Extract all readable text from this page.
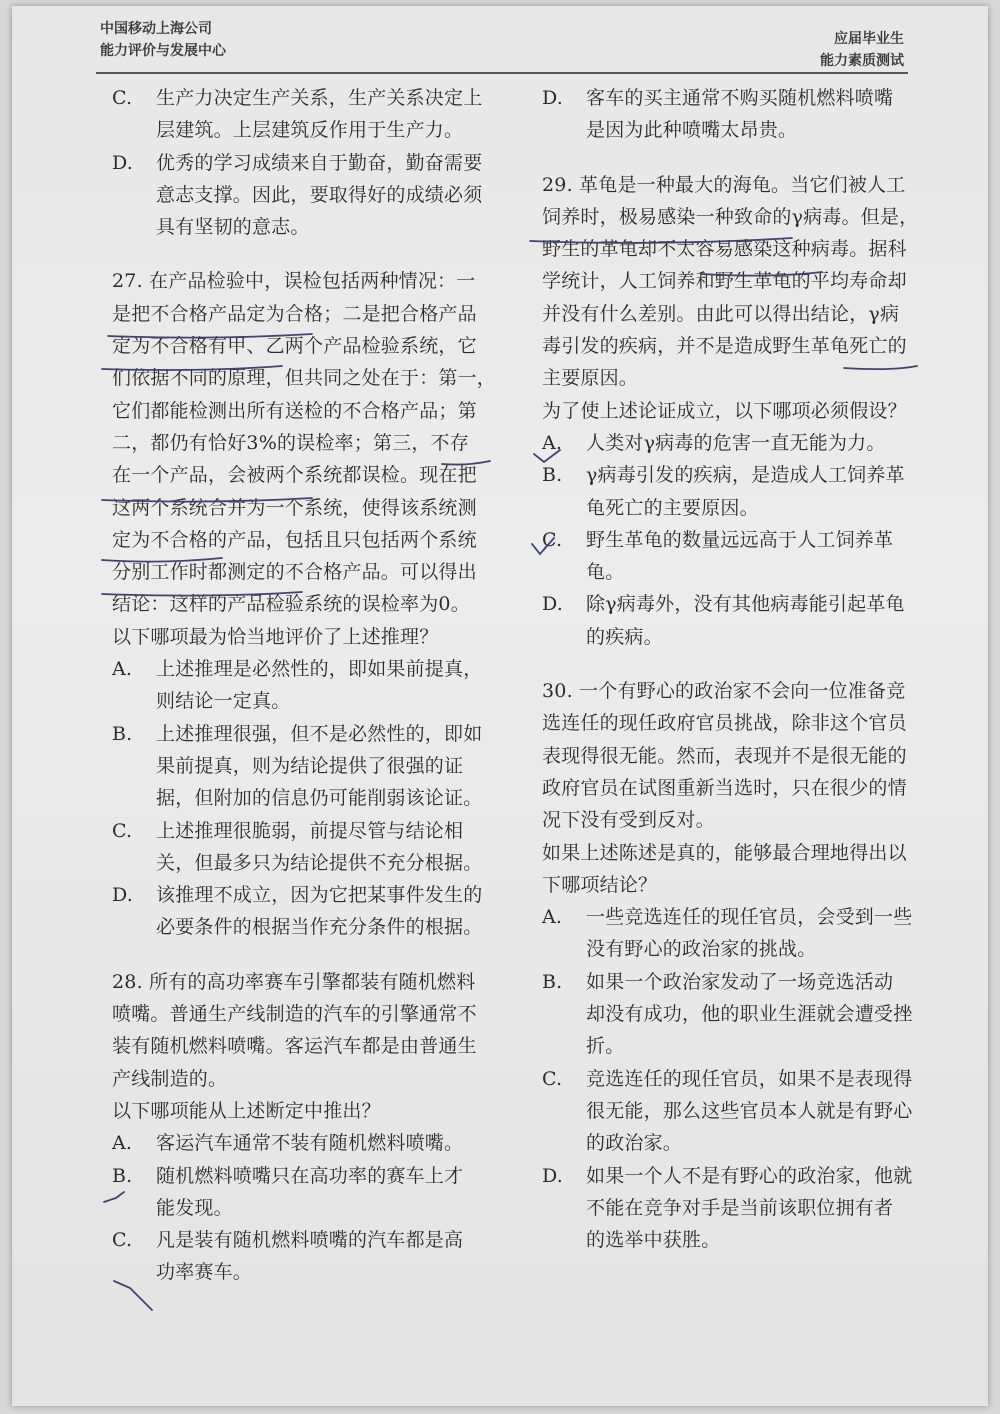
中国移动上海公司
能力评价与发展中心
应届毕业生
能力素质测试
C.	生产力决定生产关系，生产关系决定上
层建筑。上层建筑反作用于生产力。
D.	优秀的学习成绩来自于勤奋，勤奋需要
意志支撑。因此，要取得好的成绩必须
具有坚韧的意志。

27. 在产品检验中，误检包括两种情况：一
是把不合格产品定为合格；二是把合格产品
定为不合格有甲、乙两个产品检验系统，它
们依据不同的原理，但共同之处在于：第一，
它们都能检测出所有送检的不合格产品；第
二，都仍有恰好3%的误检率；第三，不存
在一个产品，会被两个系统都误检。现在把
这两个系统合并为一个系统，使得该系统测
定为不合格的产品，包括且只包括两个系统
分别工作时都测定的不合格产品。可以得出
结论：这样的产品检验系统的误检率为0。
以下哪项最为恰当地评价了上述推理？

A.	上述推理是必然性的，即如果前提真，
则结论一定真。
B.	上述推理很强，但不是必然性的，即如
果前提真，则为结论提供了很强的证
据，但附加的信息仍可能削弱该论证。
C.	上述推理很脆弱，前提尽管与结论相
关，但最多只为结论提供不充分根据。
D.	该推理不成立，因为它把某事件发生的
必要条件的根据当作充分条件的根据。

28. 所有的高功率赛车引擎都装有随机燃料
喷嘴。普通生产线制造的汽车的引擎通常不
装有随机燃料喷嘴。客运汽车都是由普通生
产线制造的。
以下哪项能从上述断定中推出？

A.	客运汽车通常不装有随机燃料喷嘴。
B.	随机燃料喷嘴只在高功率的赛车上才
能发现。
C.	凡是装有随机燃料喷嘴的汽车都是高
功率赛车。
D.	客车的买主通常不购买随机燃料喷嘴
是因为此种喷嘴太昂贵。

29. 革龟是一种最大的海龟。当它们被人工
饲养时，极易感染一种致命的γ病毒。但是，
野生的革龟却不太容易感染这种病毒。据科
学统计，人工饲养和野生革龟的平均寿命却
并没有什么差别。由此可以得出结论，γ病
毒引发的疾病，并不是造成野生革龟死亡的
主要原因。
为了使上述论证成立，以下哪项必须假设？

A.	人类对γ病毒的危害一直无能为力。
B.	γ病毒引发的疾病，是造成人工饲养革
龟死亡的主要原因。
C.	野生革龟的数量远远高于人工饲养革
龟。
D.	除γ病毒外，没有其他病毒能引起革龟
的疾病。

30. 一个有野心的政治家不会向一位准备竞
选连任的现任政府官员挑战，除非这个官员
表现得很无能。然而，表现并不是很无能的
政府官员在试图重新当选时，只在很少的情
况下没有受到反对。
如果上述陈述是真的，能够最合理地得出以
下哪项结论？

A.	一些竞选连任的现任官员，会受到一些
没有野心的政治家的挑战。
B.	如果一个政治家发动了一场竞选活动
却没有成功，他的职业生涯就会遭受挫
折。
C.	竞选连任的现任官员，如果不是表现得
很无能，那么这些官员本人就是有野心
的政治家。
D.	如果一个人不是有野心的政治家，他就
不能在竞争对手是当前该职位拥有者
的选举中获胜。
